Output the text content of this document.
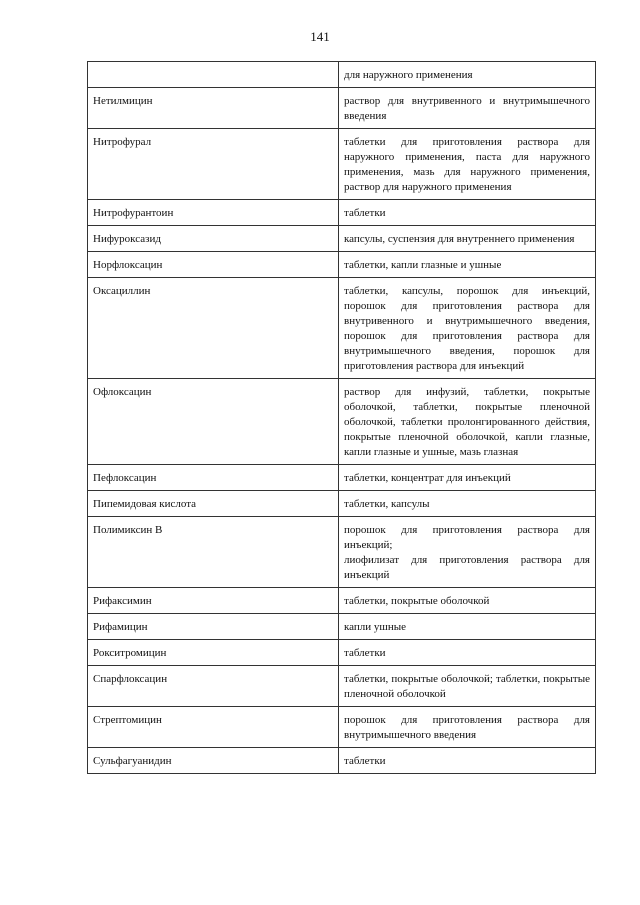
141

	для наружного применения

Нетилмицин	раствор для внутривенного и внутримышечного введения

Нитрофурал	таблетки для приготовления раствора для наружного применения, паста для наружного применения, мазь для наружного применения, раствор для наружного применения

Нитрофурантоин	таблетки

Нифуроксазид	капсулы, суспензия для внутреннего применения

Норфлоксацин	таблетки, капли глазные и ушные

Оксациллин	таблетки, капсулы, порошок для инъекций, порошок для приготовления раствора для внутривенного и внутримышечного введения, порошок для приготовления раствора для внутримышечного введения, порошок для приготовления раствора для инъекций

Офлоксацин	раствор для инфузий, таблетки, покрытые оболочкой, таблетки, покрытые пленочной оболочкой, таблетки пролонгированного действия, покрытые пленочной оболочкой, капли глазные, капли глазные и ушные, мазь глазная

Пефлоксацин	таблетки, концентрат для инъекций

Пипемидовая кислота	таблетки, капсулы

Полимиксин В	порошок для приготовления раствора для инъекций;
лиофилизат для приготовления раствора для инъекций

Рифаксимин	таблетки, покрытые оболочкой

Рифамицин	капли ушные

Рокситромицин	таблетки

Спарфлоксацин	таблетки, покрытые оболочкой; таблетки, покрытые пленочной оболочкой

Стрептомицин	порошок для приготовления раствора для внутримышечного введения

Сульфагуанидин	таблетки
